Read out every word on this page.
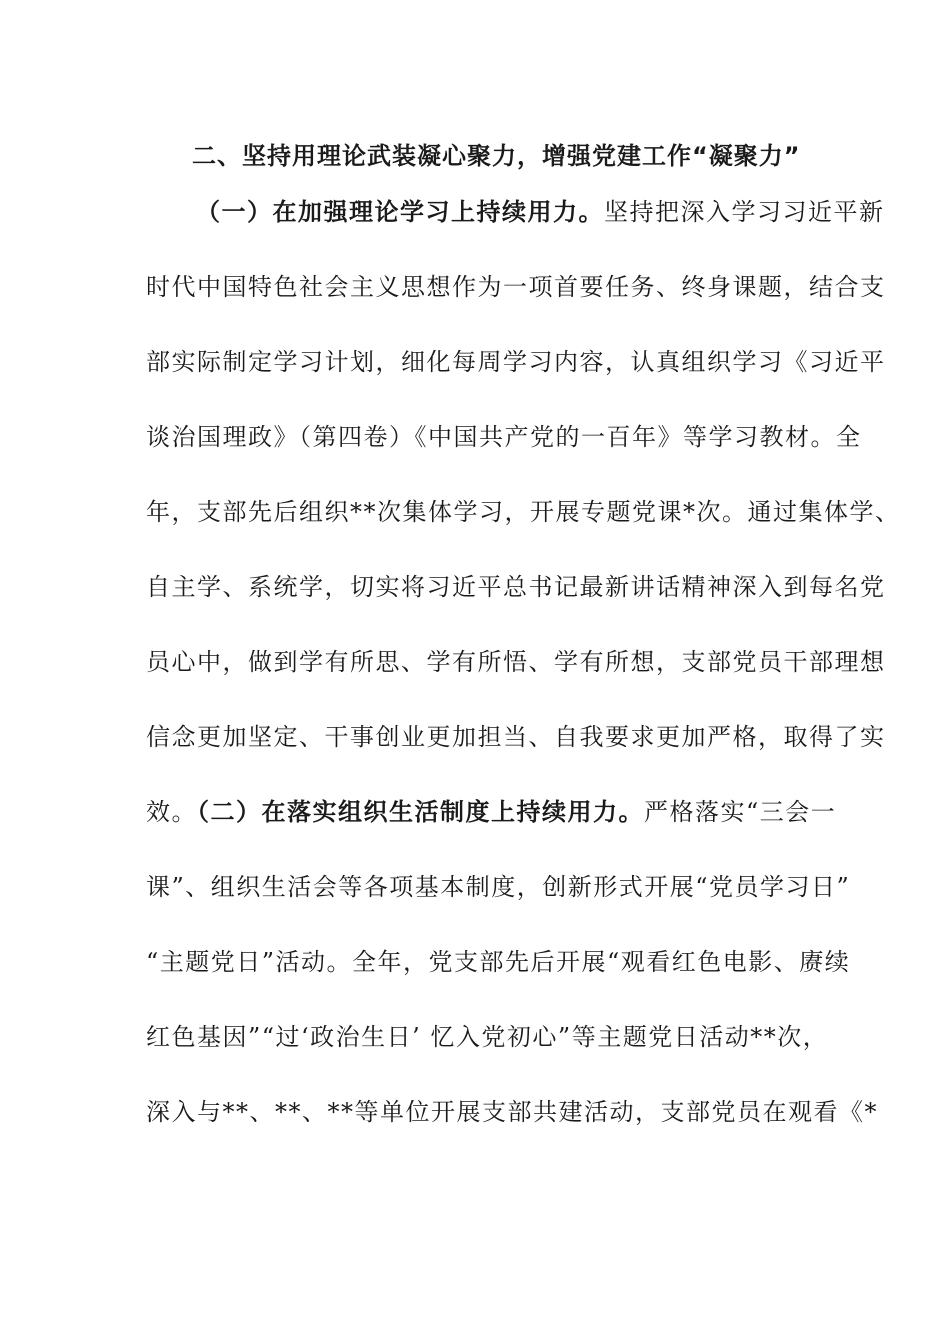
二、坚持用理论武装凝心聚力，增强党建工作“凝聚力”
（一）在加强理论学习上持续用力。坚持把深入学习习近平新
时代中国特色社会主义思想作为一项首要任务、终身课题，结合支
部实际制定学习计划，细化每周学习内容，认真组织学习《习近平
谈治国理政》（第四卷）《中国共产党的一百年》等学习教材。全
年，支部先后组织**次集体学习，开展专题党课*次。通过集体学、
自主学、系统学，切实将习近平总书记最新讲话精神深入到每名党
员心中，做到学有所思、学有所悟、学有所想，支部党员干部理想
信念更加坚定、干事创业更加担当、自我要求更加严格，取得了实
效。（二）在落实组织生活制度上持续用力。严格落实“三会一
课”、组织生活会等各项基本制度，创新形式开展“党员学习日”
“主题党日”活动。全年，党支部先后开展“观看红色电影、赓续
红色基因”“过‘政治生日’ 忆入党初心”等主题党日活动**次，
深入与**、**、**等单位开展支部共建活动，支部党员在观看《*
